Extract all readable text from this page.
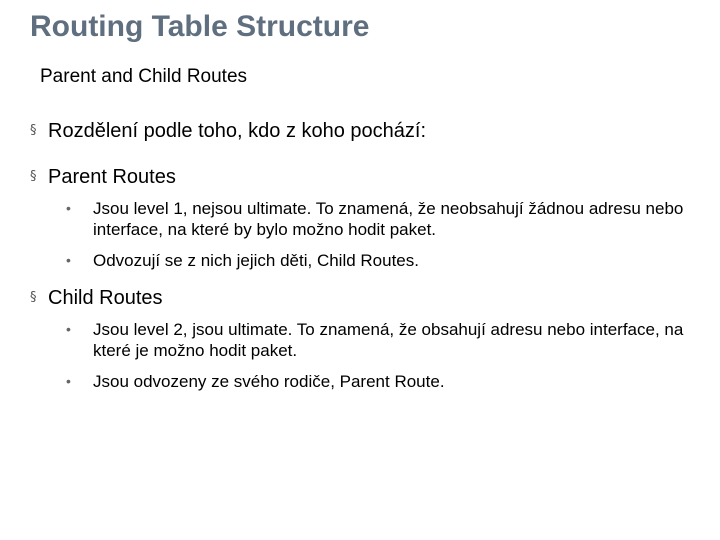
Routing Table Structure
Parent and Child Routes
§ Rozdělení podle toho, kdo z koho pochází:
§ Parent Routes
• Jsou level 1, nejsou ultimate. To znamená, že neobsahují žádnou adresu nebo interface, na které by bylo možno hodit paket.
• Odvozují se z nich jejich děti, Child Routes.
§ Child Routes
• Jsou level 2, jsou ultimate. To znamená, že obsahují adresu nebo interface, na které je možno hodit paket.
• Jsou odvozeny ze svého rodiče, Parent Route.
